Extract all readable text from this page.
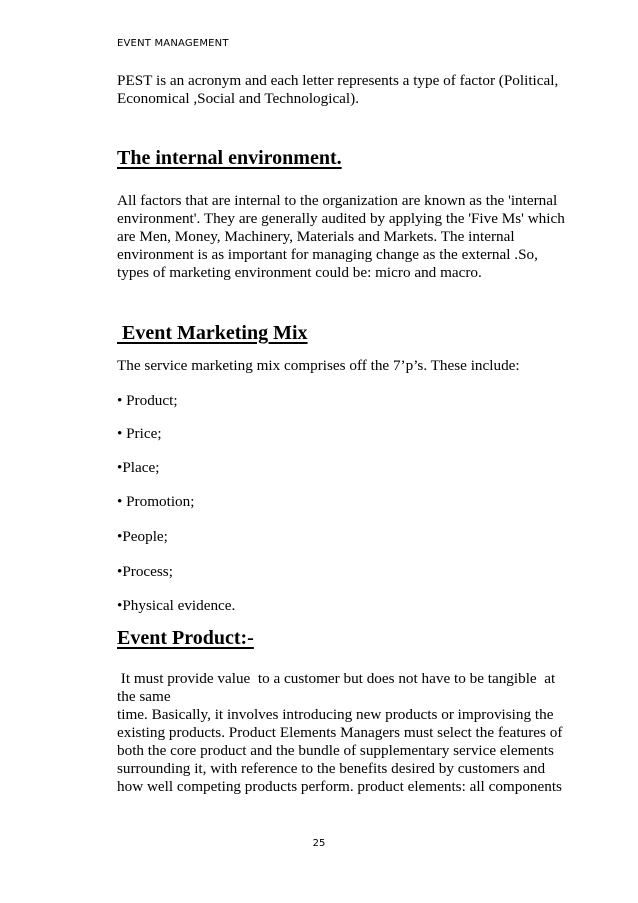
EVENT MANAGEMENT
PEST is an acronym and each letter represents a type of factor (Political,
Economical ,Social and Technological).
The internal environment.
All factors that are internal to the organization are known as the 'internal
environment'. They are generally audited by applying the 'Five Ms' which
are Men, Money, Machinery, Materials and Markets. The internal
environment is as important for managing change as the external .So,
types of marketing environment could be: micro and macro.
Event Marketing Mix
The service marketing mix comprises off the 7’p’s. These include:
• Product;
• Price;
•Place;
• Promotion;
•People;
•Process;
•Physical evidence.
Event Product:-
It must provide value  to a customer but does not have to be tangible  at
the same
time. Basically, it involves introducing new products or improvising the
existing products. Product Elements Managers must select the features of
both the core product and the bundle of supplementary service elements
surrounding it, with reference to the benefits desired by customers and
how well competing products perform. product elements: all components
25
